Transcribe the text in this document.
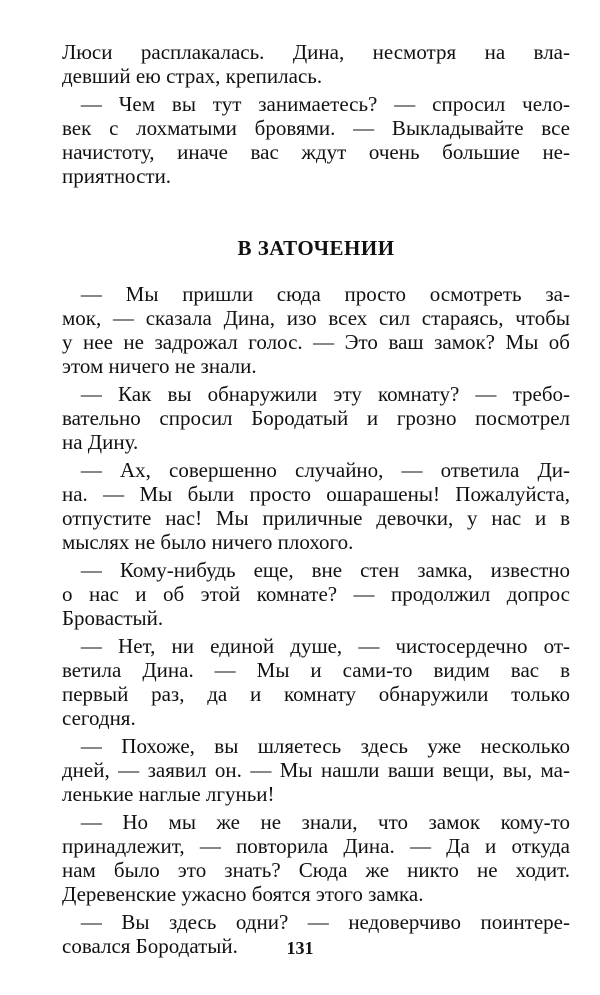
Люси расплакалась. Дина, несмотря на вла-
девший ею страх, крепилась.

— Чем вы тут занимаетесь? — спросил чело-
век с лохматыми бровями. — Выкладывайте все
начистоту, иначе вас ждут очень большие не-
приятности.

В ЗАТОЧЕНИИ

— Мы пришли сюда просто осмотреть за-
мок, — сказала Дина, изо всех сил стараясь, чтобы
у нее не задрожал голос. — Это ваш замок? Мы об
этом ничего не знали.

— Как вы обнаружили эту комнату? — требо-
вательно спросил Бородатый и грозно посмотрел
на Дину.

— Ах, совершенно случайно, — ответила Ди-
на. — Мы были просто ошарашены! Пожалуйста,
отпустите нас! Мы приличные девочки, у нас и в
мыслях не было ничего плохого.

— Кому-нибудь еще, вне стен замка, известно
о нас и об этой комнате? — продолжил допрос
Бровастый.

— Нет, ни единой душе, — чистосердечно от-
ветила Дина. — Мы и сами-то видим вас в
первый раз, да и комнату обнаружили только
сегодня.

— Похоже, вы шляетесь здесь уже несколько
дней, — заявил он. — Мы нашли ваши вещи, вы, ма-
ленькие наглые лгуньи!

— Но мы же не знали, что замок кому-то
принадлежит, — повторила Дина. — Да и откуда
нам было это знать? Сюда же никто не ходит.
Деревенские ужасно боятся этого замка.

— Вы здесь одни? — недоверчиво поинтере-
совался Бородатый.	131
